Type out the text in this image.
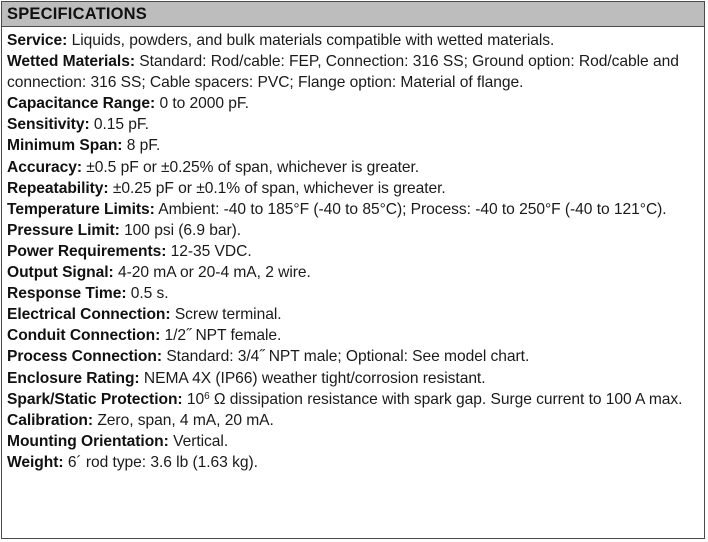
SPECIFICATIONS

Service: Liquids, powders, and bulk materials compatible with wetted materials.

Wetted Materials: Standard: Rod/cable: FEP, Connection: 316 SS; Ground option: Rod/cable and connection: 316 SS; Cable spacers: PVC; Flange option: Material of flange.

Capacitance Range: 0 to 2000 pF.

Sensitivity: 0.15 pF.

Minimum Span: 8 pF.

Accuracy: ±0.5 pF or ±0.25% of span, whichever is greater.

Repeatability: ±0.25 pF or ±0.1% of span, whichever is greater.

Temperature Limits: Ambient: -40 to 185°F (-40 to 85°C); Process: -40 to 250°F (-40 to 121°C).

Pressure Limit: 100 psi (6.9 bar).

Power Requirements: 12-35 VDC.

Output Signal: 4-20 mA or 20-4 mA, 2 wire.

Response Time: 0.5 s.

Electrical Connection: Screw terminal.

Conduit Connection: 1/2˝ NPT female.

Process Connection: Standard: 3/4˝ NPT male; Optional: See model chart.

Enclosure Rating: NEMA 4X (IP66) weather tight/corrosion resistant.

Spark/Static Protection: $10^6$ Ω dissipation resistance with spark gap. Surge current to 100 A max.

Calibration: Zero, span, 4 mA, 20 mA.

Mounting Orientation: Vertical.

Weight: 6´ rod type: 3.6 lb (1.63 kg).
